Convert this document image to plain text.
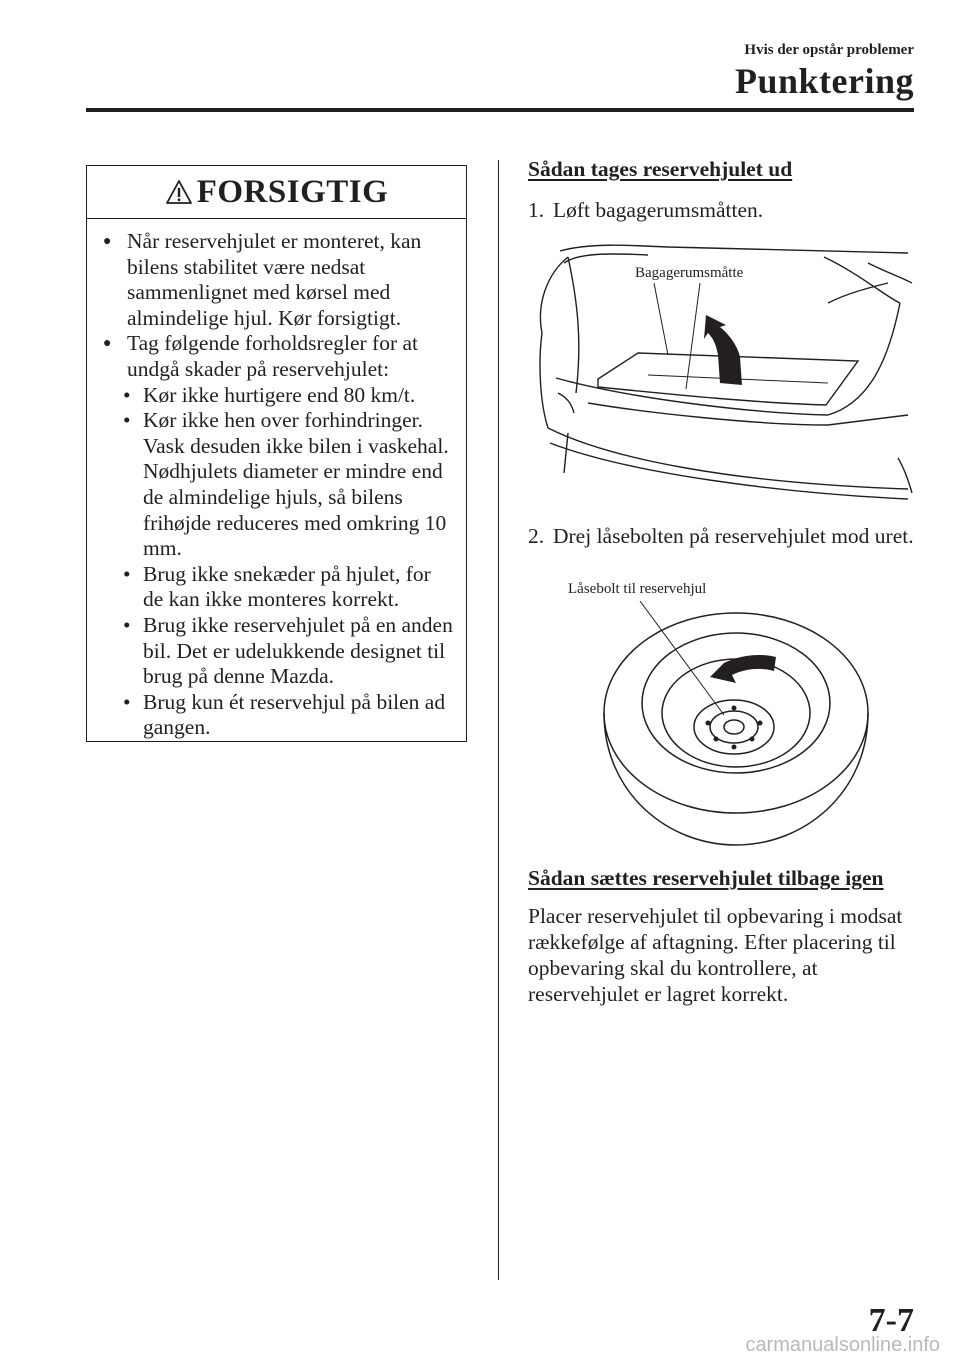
Hvis der opstår problemer
Punktering
FORSIGTIG
● Når reservehjulet er monteret, kan bilens stabilitet være nedsat sammenlignet med kørsel med almindelige hjul. Kør forsigtigt.
● Tag følgende forholdsregler for at undgå skader på reservehjulet:
• Kør ikke hurtigere end 80 km/t.
• Kør ikke hen over forhindringer. Vask desuden ikke bilen i vaskehal. Nødhjulets diameter er mindre end de almindelige hjuls, så bilens frihøjde reduceres med omkring 10 mm.
• Brug ikke snekæder på hjulet, for de kan ikke monteres korrekt.
• Brug ikke reservehjulet på en anden bil. Det er udelukkende designet til brug på denne Mazda.
• Brug kun ét reservehjul på bilen ad gangen.
Sådan tages reservehjulet ud
1. Løft bagagerumsmåtten.
Bagagerumsmåtte
2. Drej låsebolten på reservehjulet mod uret.
Låsebolt til reservehjul
Sådan sættes reservehjulet tilbage igen
Placer reservehjulet til opbevaring i modsat rækkefølge af aftagning. Efter placering til opbevaring skal du kontrollere, at reservehjulet er lagret korrekt.
7-7
carmanualsonline.info
